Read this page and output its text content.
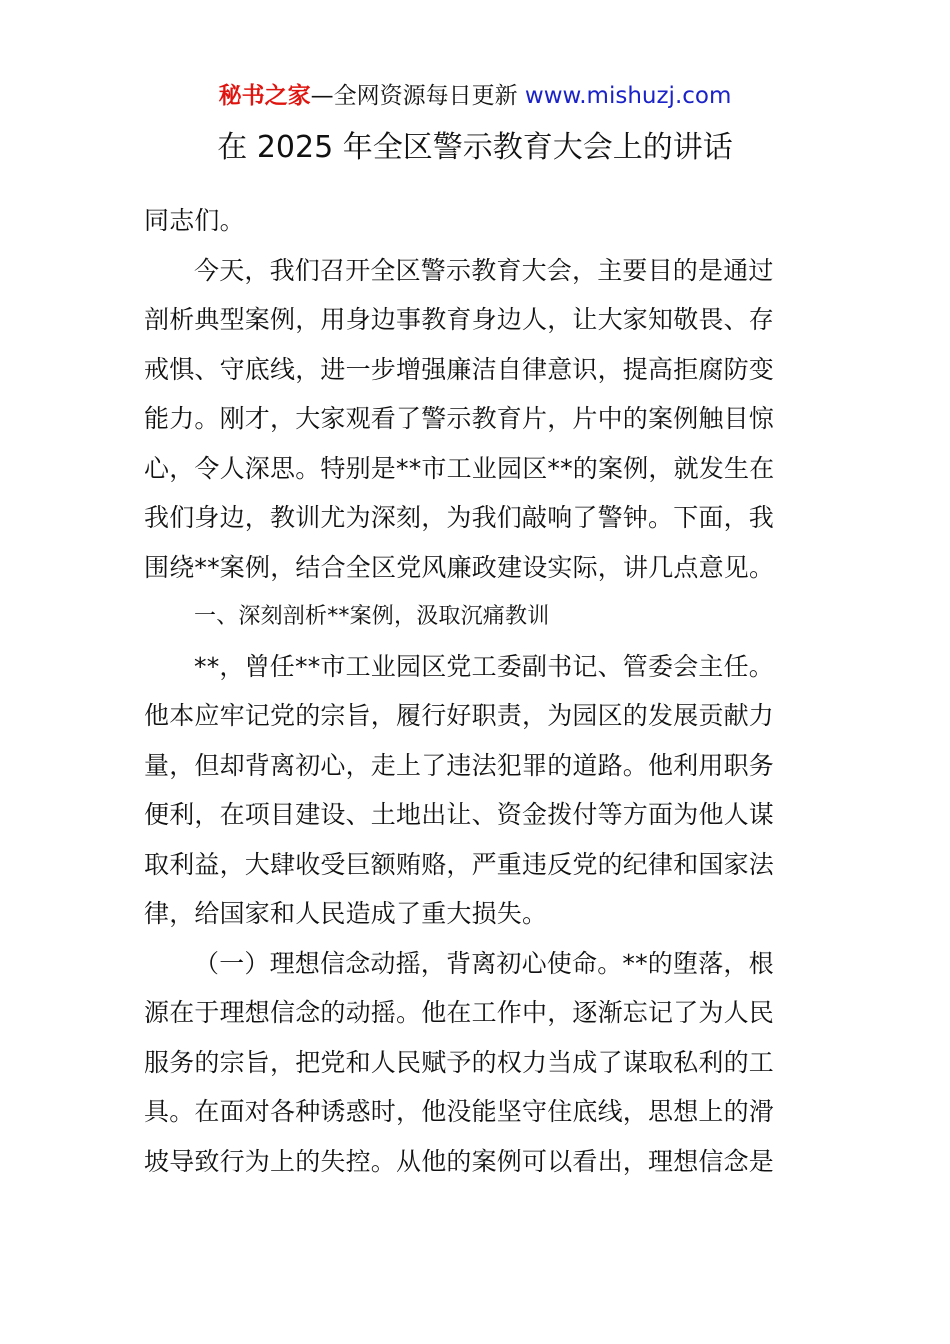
秘书之家—全网资源每日更新 www.mishuzj.com
在 2025 年全区警示教育大会上的讲话
同志们。
今天，我们召开全区警示教育大会，主要目的是通过
剖析典型案例，用身边事教育身边人，让大家知敬畏、存
戒惧、守底线，进一步增强廉洁自律意识，提高拒腐防变
能力。刚才，大家观看了警示教育片，片中的案例触目惊
心，令人深思。特别是**市工业园区**的案例，就发生在
我们身边，教训尤为深刻，为我们敲响了警钟。下面，我
围绕**案例，结合全区党风廉政建设实际，讲几点意见。
一、深刻剖析**案例，汲取沉痛教训
**，曾任**市工业园区党工委副书记、管委会主任。
他本应牢记党的宗旨，履行好职责，为园区的发展贡献力
量，但却背离初心，走上了违法犯罪的道路。他利用职务
便利，在项目建设、土地出让、资金拨付等方面为他人谋
取利益，大肆收受巨额贿赂，严重违反党的纪律和国家法
律，给国家和人民造成了重大损失。
（一）理想信念动摇，背离初心使命。**的堕落，根
源在于理想信念的动摇。他在工作中，逐渐忘记了为人民
服务的宗旨，把党和人民赋予的权力当成了谋取私利的工
具。在面对各种诱惑时，他没能坚守住底线，思想上的滑
坡导致行为上的失控。从他的案例可以看出，理想信念是
